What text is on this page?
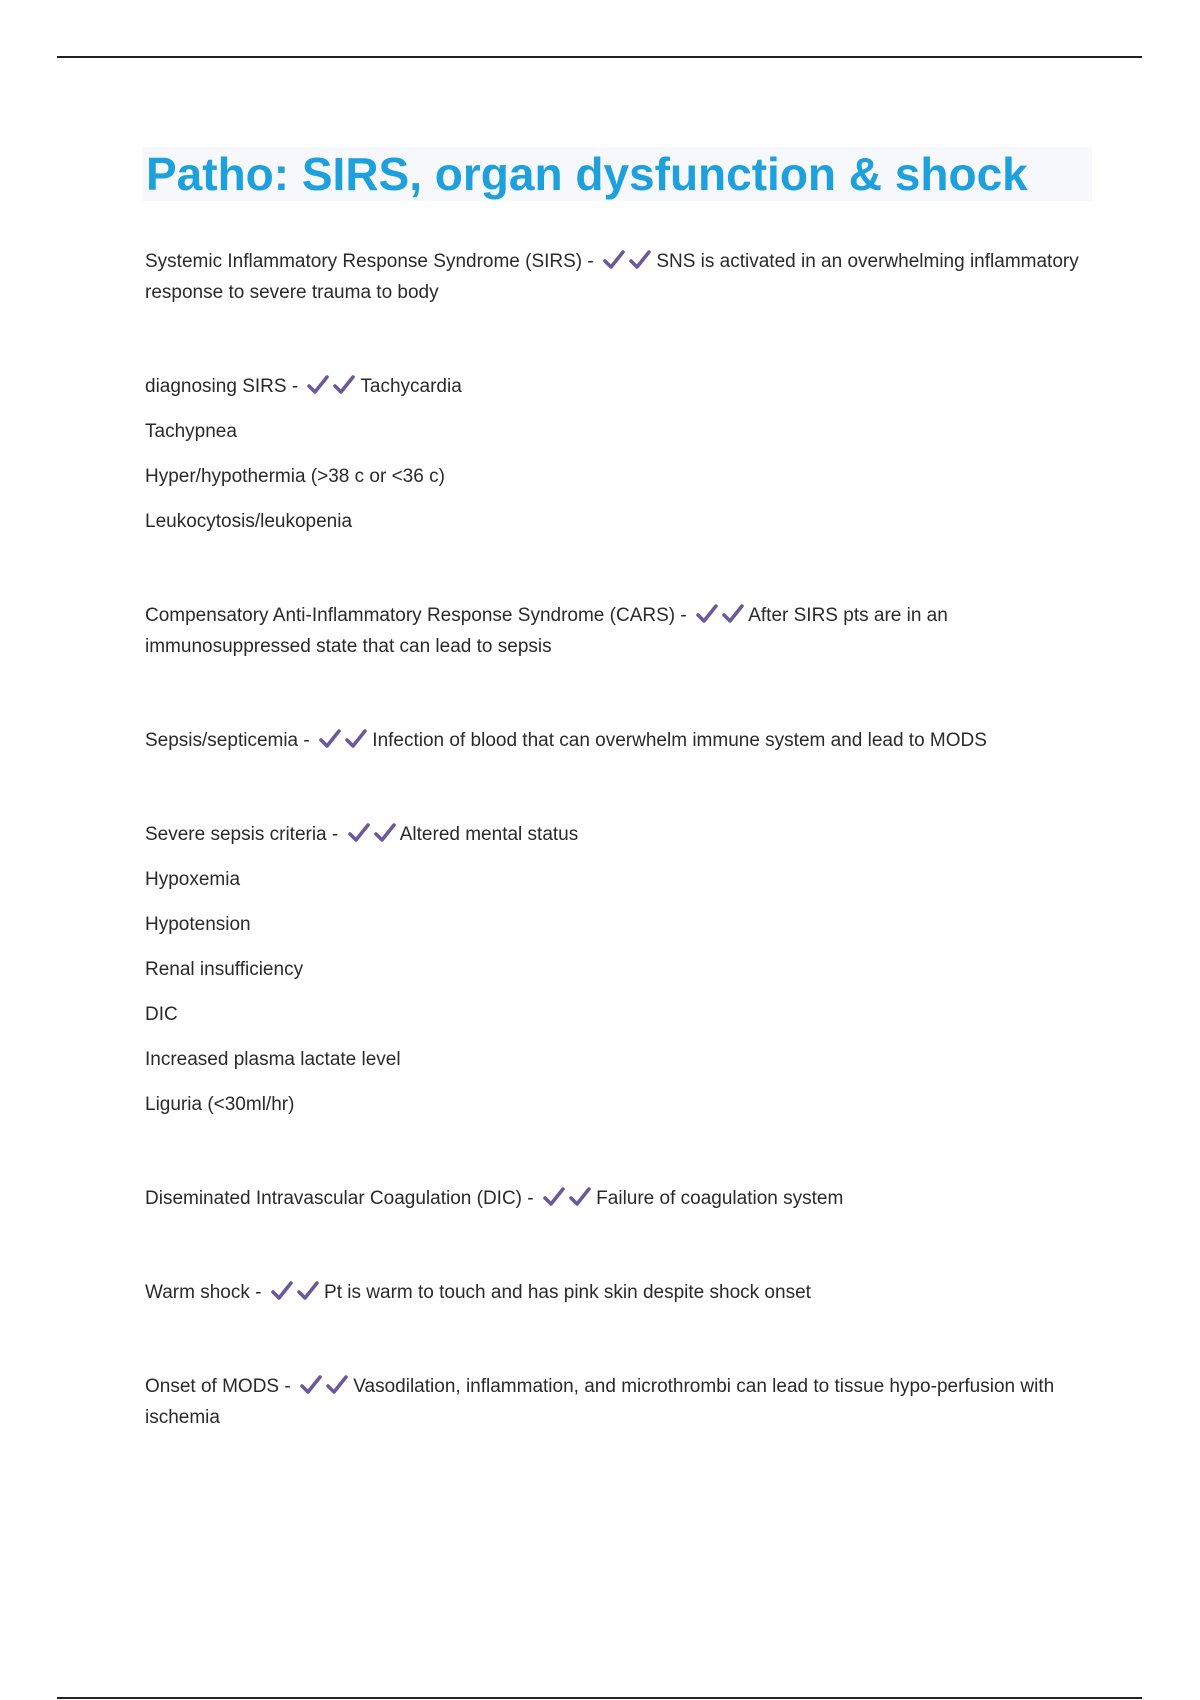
Patho: SIRS, organ dysfunction & shock

Systemic Inflammatory Response Syndrome (SIRS) -	SNS is activated in an overwhelming inflammatory response to severe trauma to body

diagnosing SIRS -	Tachycardia

Tachypnea

Hyper/hypothermia (>38 c or <36 c)

Leukocytosis/leukopenia

Compensatory Anti-Inflammatory Response Syndrome (CARS) -	After SIRS pts are in an immunosuppressed state that can lead to sepsis

Sepsis/septicemia -	Infection of blood that can overwhelm immune system and lead to MODS

Severe sepsis criteria -	Altered mental status

Hypoxemia

Hypotension

Renal insufficiency

DIC

Increased plasma lactate level

Liguria (<30ml/hr)

Diseminated Intravascular Coagulation (DIC) -	Failure of coagulation system

Warm shock -	Pt is warm to touch and has pink skin despite shock onset

Onset of MODS -	Vasodilation, inflammation, and microthrombi can lead to tissue hypo-perfusion with ischemia
